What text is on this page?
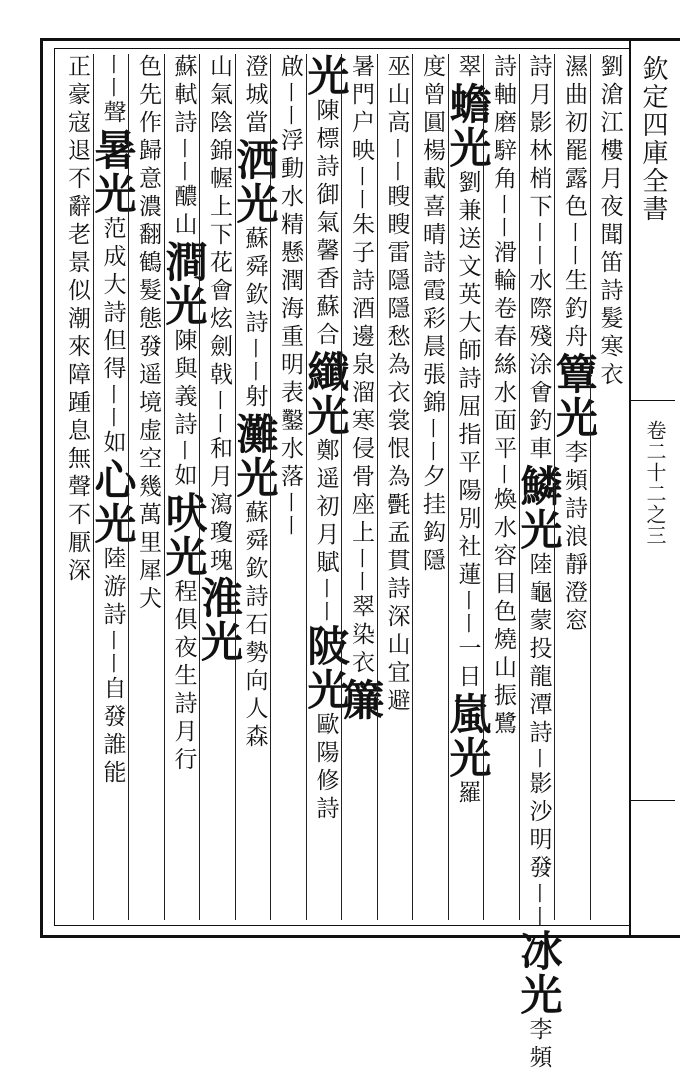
欽定四庫全書
卷二十二之三
劉滄江樓月夜聞笛詩髮寒衣
濕曲初罷露色丨丨生釣舟簟光李頻詩浪靜澄窓
詩月影林梢下丨丨水際殘涂㑹釣車鱗光陸龜蒙投龍潭詩丨影沙明發丨丨冰光李頻
詩軸磨騂角丨丨滑輪卷春絲水面平丨煥水容目色燒山振鷺
翠蟾光劉兼送文英大師詩屈指平陽別社蓮丨丨一日嵐光羅
度曾圓楊載喜晴詩霞彩晨張錦丨丨夕挂鈎隱
巫山高丨丨瞍瞍雷隱隱愁為衣裳恨為㲲孟貫詩深山宜避
暑門户映丨丨朱子詩酒邊泉溜寒侵骨座上丨丨翠染衣簾
光陳標詩御氣馨香蘇合纖光鄭遥初月賦丨丨陂光歐陽修詩
啟丨丨浮動水精懸潤海重明表鑿水落丨丨
澄城當洒光蘇舜欽詩丨丨射灘光蘇舜欽詩石勢向人森
山氣陰錦幄上下花會炫劍戟丨丨和月瀉瓊瑰淮光
蘇軾詩丨丨醲山澗光陳與義詩丨如吠光程俱夜生詩月行
色先作歸意濃翻鶴髮態發遥境虚空幾萬里犀犬
丨丨聲暑光范成大詩但得丨丨如心光陸游詩丨丨自發誰能
正豪寇退不辭老景似潮來障踵息無聲不厭深
